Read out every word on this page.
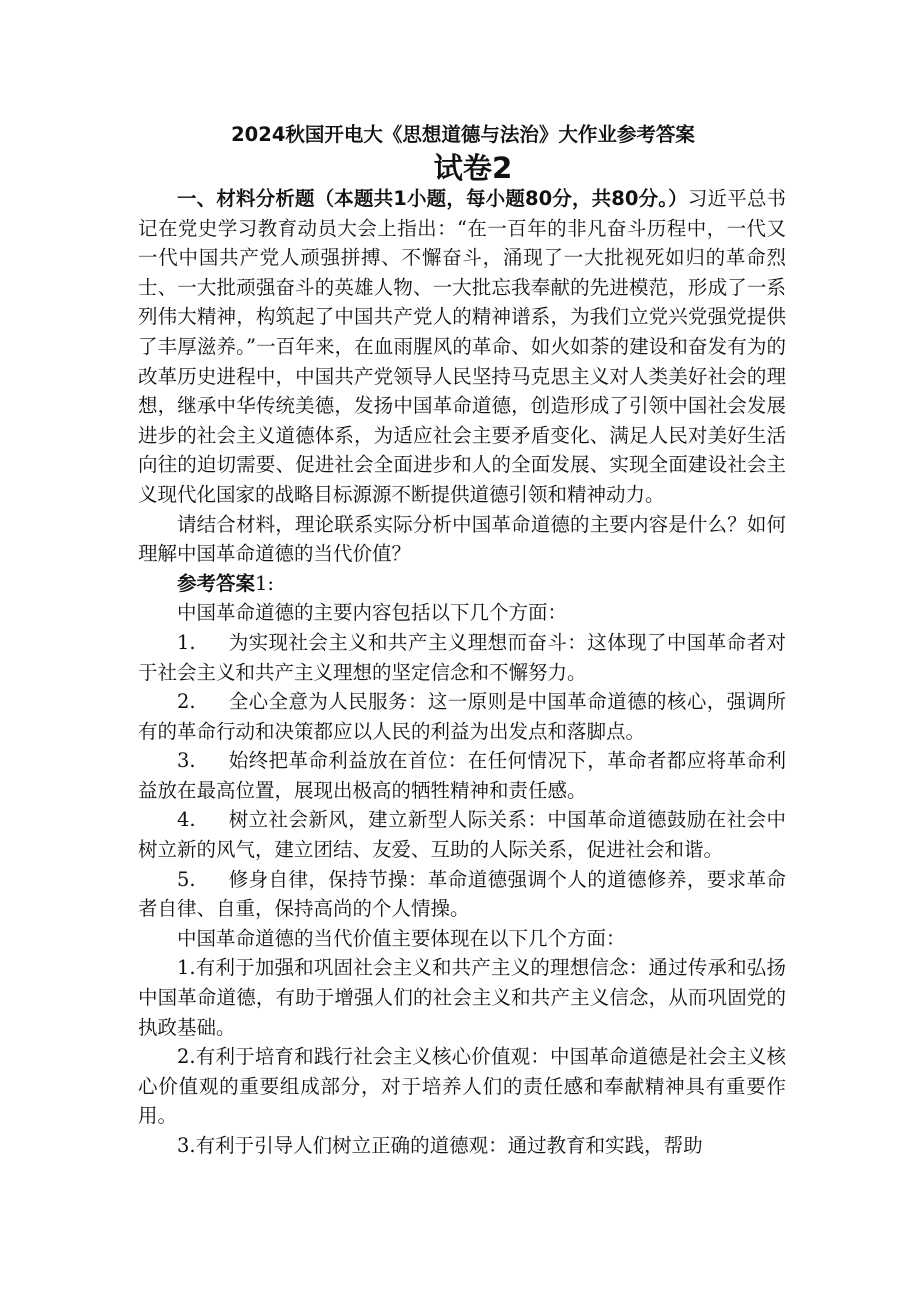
2024秋国开电大《思想道德与法治》大作业参考答案
试卷2

一、材料分析题（本题共1小题，每小题80分，共80分。）习近平总书记在党史学习教育动员大会上指出：“在一百年的非凡奋斗历程中，一代又一代中国共产党人顽强拼搏、不懈奋斗，涌现了一大批视死如归的革命烈士、一大批顽强奋斗的英雄人物、一大批忘我奉献的先进模范，形成了一系列伟大精神，构筑起了中国共产党人的精神谱系，为我们立党兴党强党提供了丰厚滋养。”一百年来，在血雨腥风的革命、如火如荼的建设和奋发有为的改革历史进程中，中国共产党领导人民坚持马克思主义对人类美好社会的理想，继承中华传统美德，发扬中国革命道德，创造形成了引领中国社会发展进步的社会主义道德体系，为适应社会主要矛盾变化、满足人民对美好生活向往的迫切需要、促进社会全面进步和人的全面发展、实现全面建设社会主义现代化国家的战略目标源源不断提供道德引领和精神动力。

请结合材料，理论联系实际分析中国革命道德的主要内容是什么？如何理解中国革命道德的当代价值？

参考答案1:

中国革命道德的主要内容包括以下几个方面：

1. 为实现社会主义和共产主义理想而奋斗：这体现了中国革命者对于社会主义和共产主义理想的坚定信念和不懈努力。

2. 全心全意为人民服务：这一原则是中国革命道德的核心，强调所有的革命行动和决策都应以人民的利益为出发点和落脚点。

3. 始终把革命利益放在首位：在任何情况下，革命者都应将革命利益放在最高位置，展现出极高的牺牲精神和责任感。

4. 树立社会新风，建立新型人际关系：中国革命道德鼓励在社会中树立新的风气，建立团结、友爱、互助的人际关系，促进社会和谐。

5. 修身自律，保持节操：革命道德强调个人的道德修养，要求革命者自律、自重，保持高尚的个人情操。

中国革命道德的当代价值主要体现在以下几个方面：

1.有利于加强和巩固社会主义和共产主义的理想信念：通过传承和弘扬中国革命道德，有助于增强人们的社会主义和共产主义信念，从而巩固党的执政基础。

2.有利于培育和践行社会主义核心价值观：中国革命道德是社会主义核心价值观的重要组成部分，对于培养人们的责任感和奉献精神具有重要作用。

3.有利于引导人们树立正确的道德观：通过教育和实践，帮助
